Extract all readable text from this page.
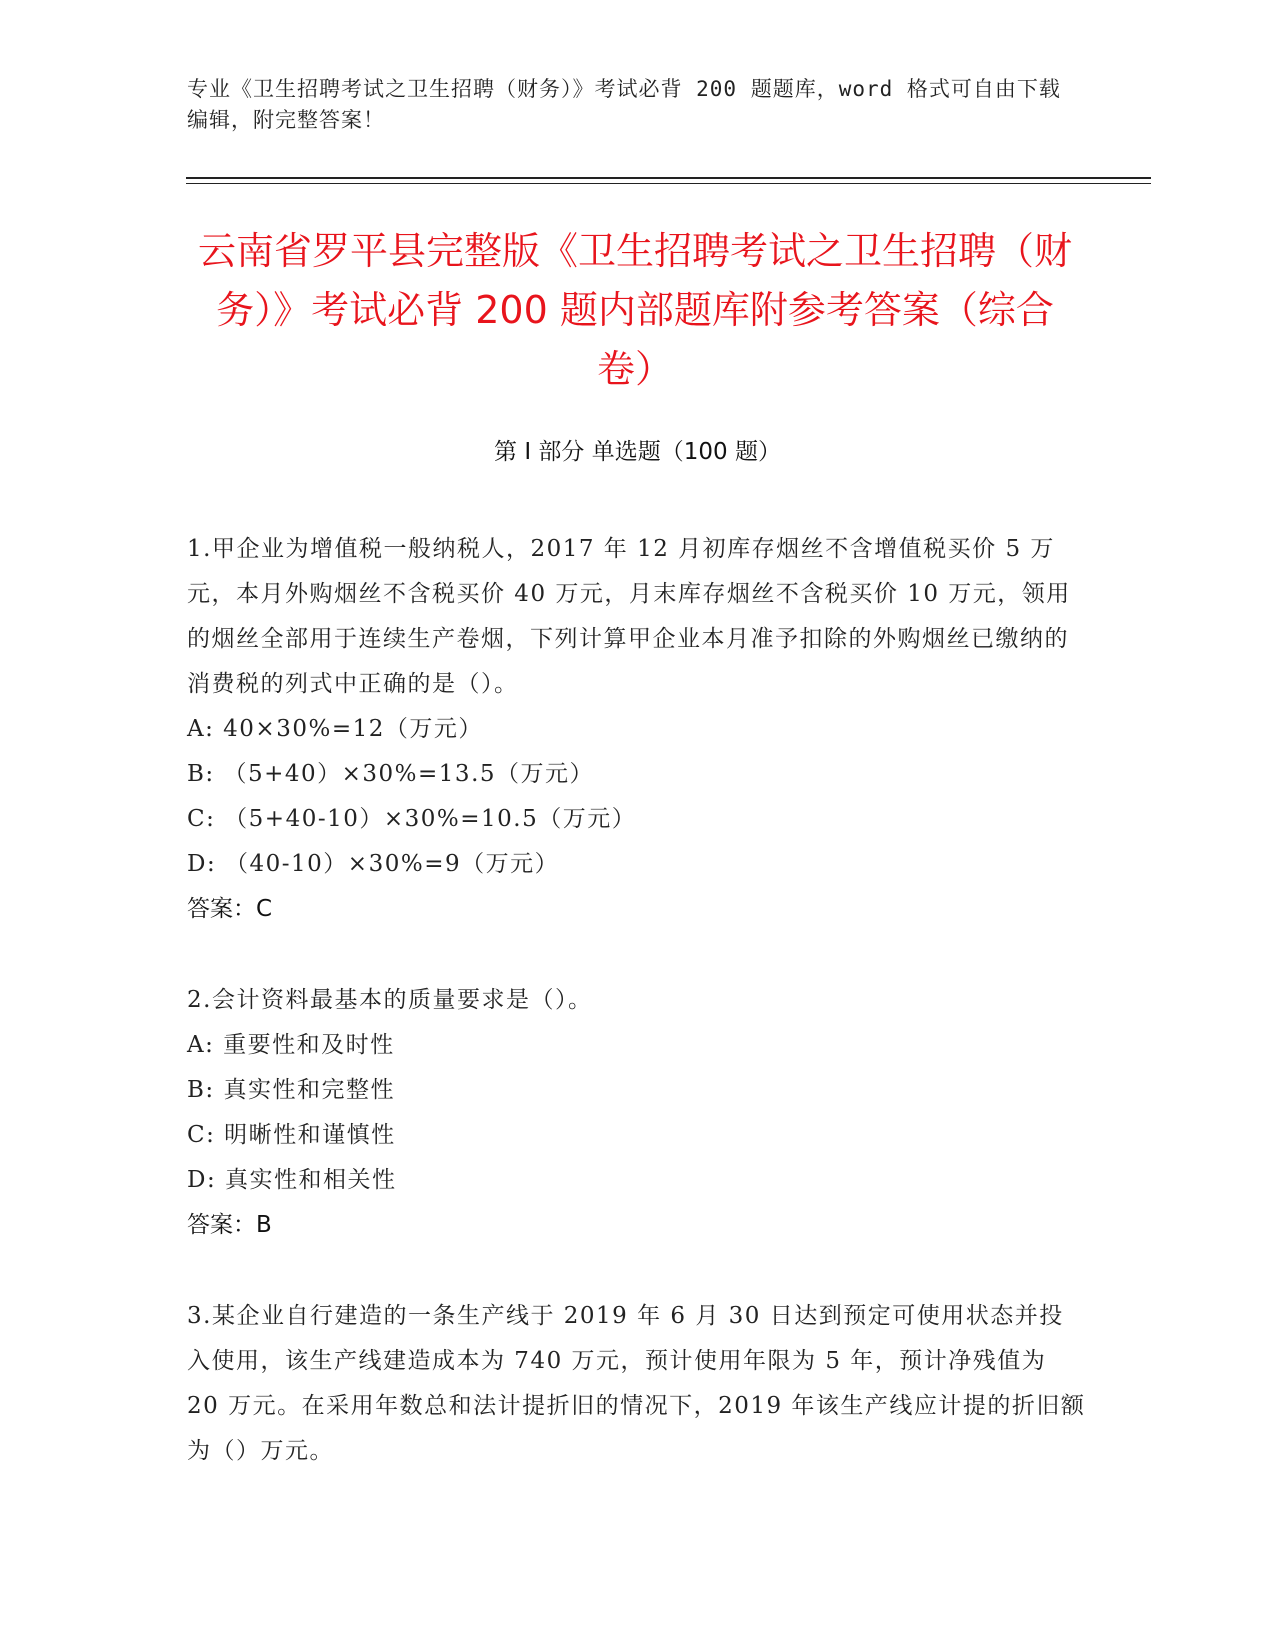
专业《卫生招聘考试之卫生招聘（财务）》考试必背 200 题题库，word 格式可自由下载编辑，附完整答案！

云南省罗平县完整版《卫生招聘考试之卫生招聘（财务）》考试必背 200 题内部题库附参考答案（综合卷）
第 I 部分 单选题（100 题）

1.甲企业为增值税一般纳税人，2017 年 12 月初库存烟丝不含增值税买价 5 万元，本月外购烟丝不含税买价 40 万元，月末库存烟丝不含税买价 10 万元，领用的烟丝全部用于连续生产卷烟，下列计算甲企业本月准予扣除的外购烟丝已缴纳的消费税的列式中正确的是（）。

A: 40×30%=12（万元）
B: （5+40）×30%=13.5（万元）
C: （5+40-10）×30%=10.5（万元）
D: （40-10）×30%=9（万元）

答案：C

2.会计资料最基本的质量要求是（）。

A: 重要性和及时性
B: 真实性和完整性
C: 明晰性和谨慎性
D: 真实性和相关性

答案：B

3.某企业自行建造的一条生产线于 2019 年 6 月 30 日达到预定可使用状态并投入使用，该生产线建造成本为 740 万元，预计使用年限为 5 年，预计净残值为 20 万元。在采用年数总和法计提折旧的情况下，2019 年该生产线应计提的折旧额为（）万元。
